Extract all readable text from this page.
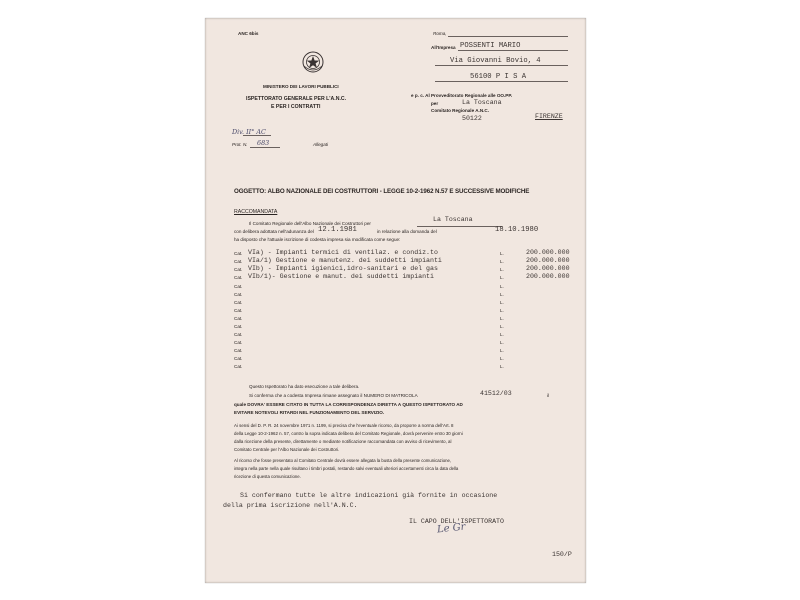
ANC 6bis
MINISTERO DEI LAVORI PUBBLICI
ISPETTORATO GENERALE PER L'A.N.C.
E PER I CONTRATTI
Roma,
All'Impresa POSSENTI MARIO
Via Giovanni Bovio, 4
56100 P I S A
e p. c. Al Provveditorato Regionale alle OO.PP.
per	La Toscana
Comitato Regionale A.N.C.
50122	FIRENZE
Div. II° AC
Prot. N. 683	Allegati
OGGETTO: ALBO NAZIONALE DEI COSTRUTTORI - LEGGE 10-2-1962 N.57 E SUCCESSIVE MODIFICHE
RACCOMANDATA
Il Comitato Regionale dell'Albo Nazionale dei Costruttori per
La Toscana
con delibera adottata nell'adunanza del 12.1.1981	in relazione alla domanda del	18.10.1980
ha disposto che l'attuale iscrizione di codesta impresa sia modificata come segue:
Cat. VIa) - Impianti termici di ventilaz. e condiz.to	L.	200.000.000
Cat. VIa/1) Gestione e manutenz. dei suddetti impianti	L.	200.000.000
Cat. VIb) - Impianti igienici,idro-sanitari e del gas	L.	200.000.000
Cat. VIb/1)- Gestione e manut. dei suddetti impianti	L.	200.000.000
Cat.	L.
Cat.	L.
Cat.	L.
Cat.	L.
Cat.	L.
Cat.	L.
Cat.	L.
Cat.	L.
Cat.	L.
Cat.	L.
Cat.	L.
Questo Ispettorato ha dato esecuzione a tale delibera.
Si conferma che a codesta Impresa rimane assegnato il NUMERO DI MATRICOLA	41512/03	il
quale DOVRA' ESSERE CITATO IN TUTTA LA CORRISPONDENZA DIRETTA A QUESTO ISPETTORATO AD
EVITARE NOTEVOLI RITARDI NEL FUNZIONAMENTO DEL SERVIZIO.
Ai sensi del D. P. R. 24 novembre 1971 n. 1199, si precisa che l'eventuale ricorso, da proporre a norma dell'Art. 8
della Legge 10-2-1962 n. 57, contro la sopra indicata delibera del Comitato Regionale, dovrà pervenire entro 30 giorni
dalla ricezione della presente, direttamente o mediante notificazione raccomandata con avviso di ricevimento, al
Comitato Centrale per l'Albo Nazionale dei Costruttori.
Al ricorso che fosse presentato al Comitato Centrale dovrà essere allegata la busta della presente comunicazione,
integra nella parte nella quale risultano i timbri postali, restando salvi eventuali ulteriori accertamenti circa la data della
ricezione di questa comunicazione.
Si confermano tutte le altre indicazioni già fornite in occasione
della prima iscrizione nell'A.N.C.
IL CAPO DELL'ISPETTORATO
Le Gr
150/P
